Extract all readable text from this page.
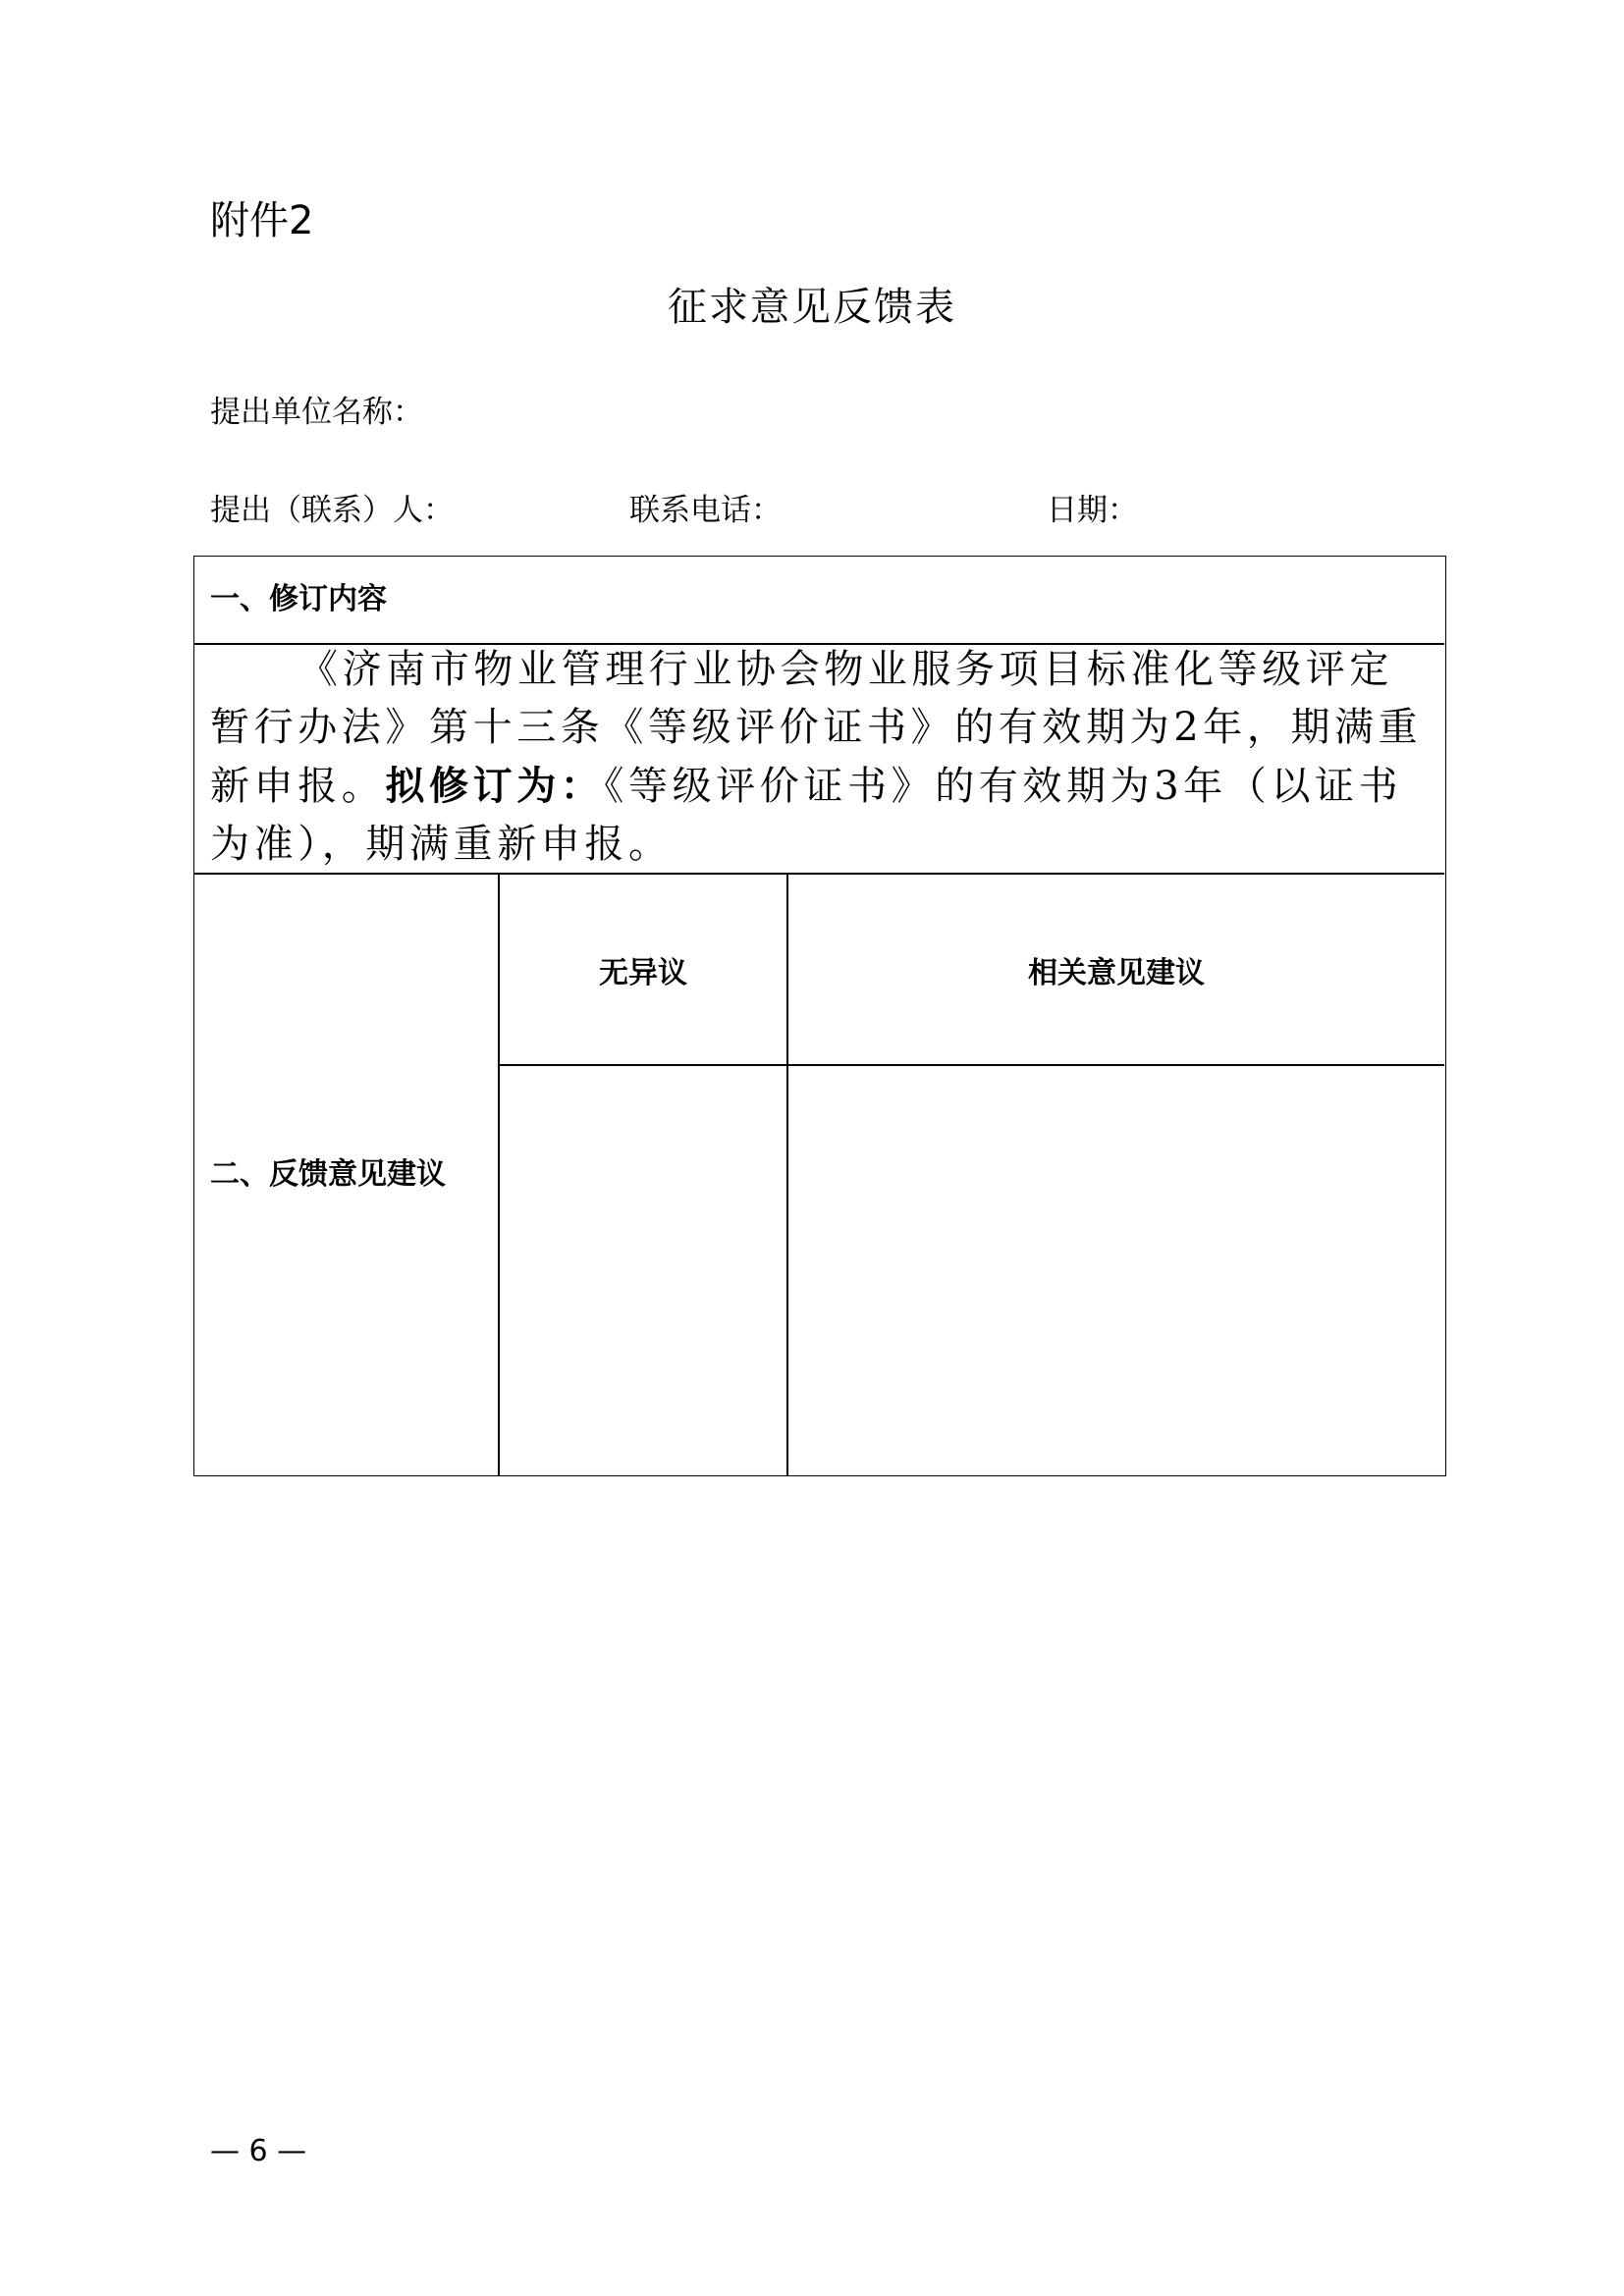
附件2
征求意见反馈表
提出单位名称：
提出（联系）人：	联系电话：	日期：
一、修订内容
《济南市物业管理行业协会物业服务项目标准化等级评定暂行办法》第十三条《等级评价证书》的有效期为2年，期满重新申报。拟修订为：《等级评价证书》的有效期为3年（以证书为准），期满重新申报。
二、反馈意见建议
无异议	相关意见建议
— 6 —
